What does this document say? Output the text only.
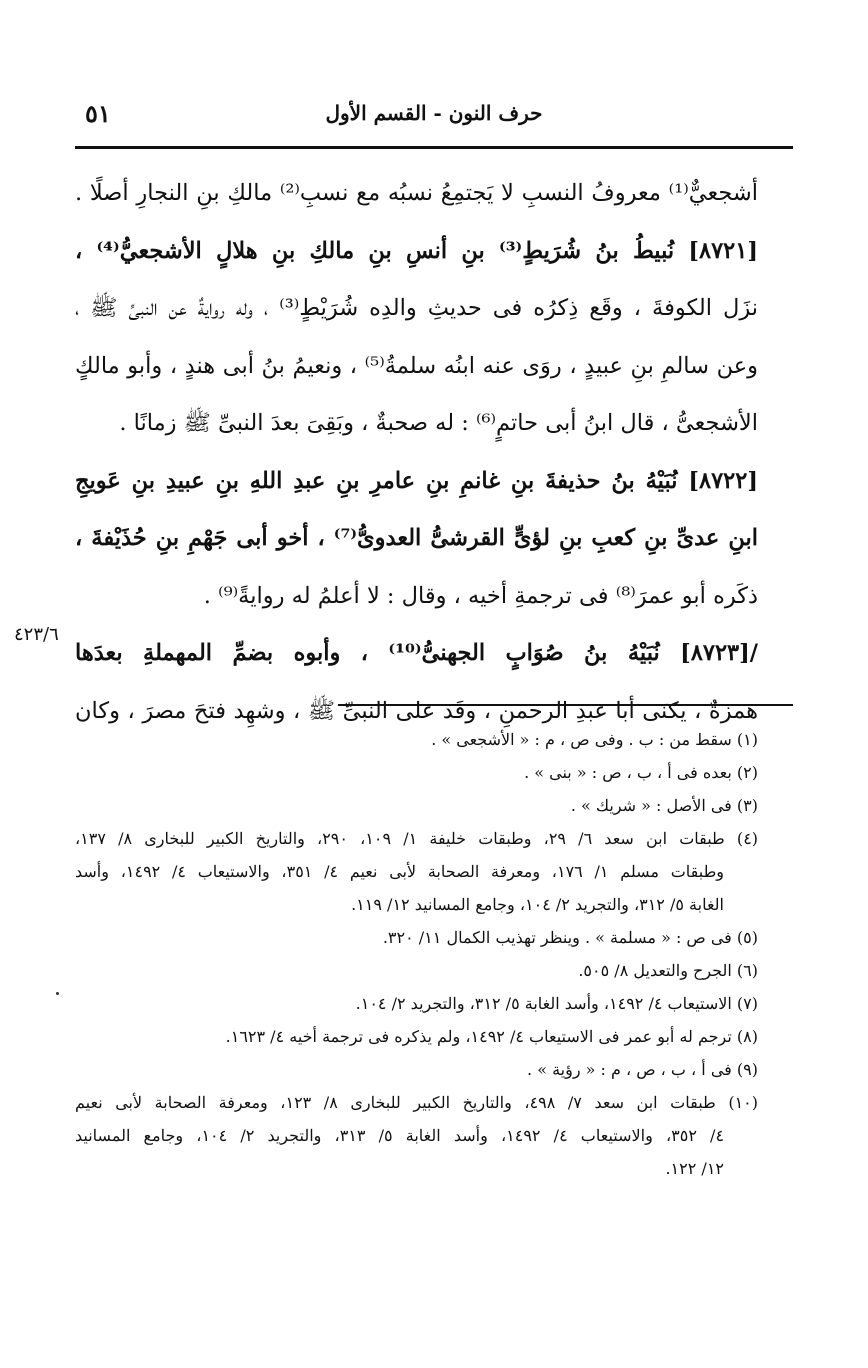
٥١	حرف النون - القسم الأول
أشجعيٌّ⁽¹⁾ معروفُ النسبِ لا يَجتمِعُ نسبُه مع نسبِ⁽²⁾ مالكِ بنِ النجارِ أصلًا .
[٨٧٢١] نُبيطُ بنُ شُرَيطٍ⁽³⁾ بنِ أنسِ بنِ مالكِ بنِ هلالٍ الأشجعيُّ⁽⁴⁾ ،
نزَل الكوفةَ ، وقَع ذِكرُه فى حديثِ والدِه شُرَيْطٍ⁽³⁾ ، وله روايةٌ عن النبىِّ ﷺ ،
وعن سالمِ بنِ عبيدٍ ، روَى عنه ابنُه سلمةُ⁽⁵⁾ ، ونعيمُ بنُ أبى هندٍ ، وأبو مالكٍ
الأشجعىُّ ، قال ابنُ أبى حاتمٍ⁽⁶⁾ : له صحبةٌ ، وبَقِىَ بعدَ النبىِّ ﷺ زمانًا .
[٨٧٢٢] نُبَيْهُ بنُ حذيفةَ بنِ غانمِ بنِ عامرِ بنِ عبدِ اللهِ بنِ عبيدِ بنِ عَويجِ
ابنِ عدىِّ بنِ كعبِ بنِ لؤىٍّ القرشىُّ العدوىُّ⁽⁷⁾ ، أخو أبى جَهْمِ بنِ حُذَيْفةَ ،
ذكَره أبو عمرَ⁽⁸⁾ فى ترجمةِ أخيه ، وقال : لا أعلمُ له روايةً⁽⁹⁾ .
/[٨٧٢٣] نُبَيْهُ بنُ صُوَابٍ الجهنىُّ⁽¹⁰⁾ ، وأبوه بضمِّ المهملةِ بعدَها
همزةٌ ، يكنَى أبا عبدِ الرحمنِ ، وفَد على النبىِّ ﷺ ، وشهِد فتحَ مصرَ ، وكان
٤٢٣/٦
(١) سقط من : ب . وفى ص ، م : « الأشجعى » .
(٢) بعده فى أ ، ب ، ص : « بنى » .
(٣) فى الأصل : « شريك » .
(٤) طبقات ابن سعد ٦/ ٢٩، وطبقات خليفة ١/ ١٠٩، ٢٩٠، والتاريخ الكبير للبخارى ٨/ ١٣٧،
وطبقات مسلم ١/ ١٧٦، ومعرفة الصحابة لأبى نعيم ٤/ ٣٥١، والاستيعاب ٤/ ١٤٩٢، وأسد
الغابة ٥/ ٣١٢، والتجريد ٢/ ١٠٤، وجامع المسانيد ١٢/ ١١٩.
(٥) فى ص : « مسلمة » . وينظر تهذيب الكمال ١١/ ٣٢٠.
(٦) الجرح والتعديل ٨/ ٥٠٥.
(٧) الاستيعاب ٤/ ١٤٩٢، وأسد الغابة ٥/ ٣١٢، والتجريد ٢/ ١٠٤.
(٨) ترجم له أبو عمر فى الاستيعاب ٤/ ١٤٩٢، ولم يذكره فى ترجمة أخيه ٤/ ١٦٢٣.
(٩) فى أ ، ب ، ص ، م : « رؤية » .
(١٠) طبقات ابن سعد ٧/ ٤٩٨، والتاريخ الكبير للبخارى ٨/ ١٢٣، ومعرفة الصحابة لأبى نعيم
٤/ ٣٥٢، والاستيعاب ٤/ ١٤٩٢، وأسد الغابة ٥/ ٣١٣، والتجريد ٢/ ١٠٤، وجامع المسانيد
١٢/ ١٢٢.
